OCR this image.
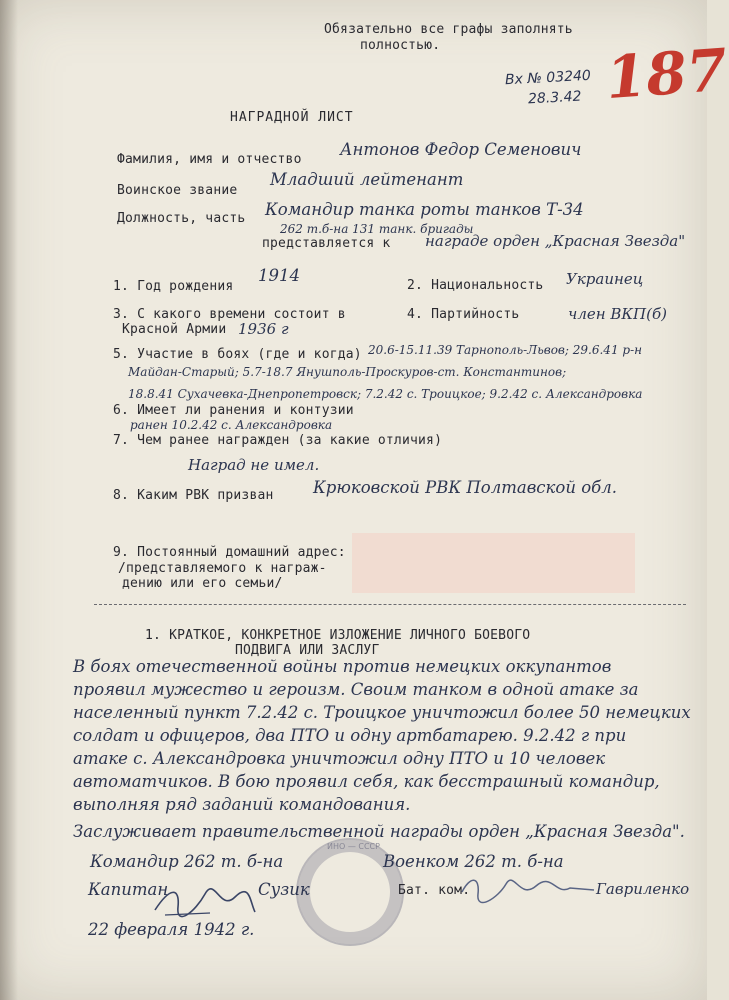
Обязательно все графы заполнять
полностью.
Вх № 03240
28.3.42 187
НАГРАДНОЙ ЛИСТ
Фамилия, имя и отчество
Антонов Федор Семенович
Воинское звание
Младший лейтенант
Должность, часть Командир танка роты танков Т-34
262 т.б-на 131 танк. бригады
представляется к награде орден „Красная Звезда"
1. Год рождения
1914
2. Национальность Украинец
3. С какого времени состоит в
Красной Армии 1936 г
4. Партийность	член ВКП(б)
5. Участие в боях (где и когда) 20.6-15.11.39 Тарнополь-Львов; 29.6.41 р-н
Майдан-Старый; 5.7-18.7 Янушполь-Проскуров-ст. Константинов;
18.8.41 Сухачевка-Днепропетровск; 7.2.42 с. Троицкое; 9.2.42 с. Александровка
6. Имеет ли ранения и контузии
ранен 10.2.42 с. Александровка
7. Чем ранее награжден (за какие отличия)
Наград не имел.
8. Каким РВК призван Крюковской РВК Полтавской обл.
9. Постоянный домашний адрес:
/представляемого к награж-
дению или его семьи/
1. КРАТКОЕ, КОНКРЕТНОЕ ИЗЛОЖЕНИЕ ЛИЧНОГО БОЕВОГО
ПОДВИГА ИЛИ ЗАСЛУГ
В боях отечественной войны против немецких оккупантов
проявил мужество и героизм. Своим танком в одной атаке за
населенный пункт 7.2.42 с. Троицкое уничтожил более 50 немецких
солдат и офицеров, два ПТО и одну артбатарею. 9.2.42 г при
атаке с. Александровка уничтожил одну ПТО и 10 человек
автоматчиков. В бою проявил себя, как бесстрашный командир,
выполняя ряд заданий командования.
Заслуживает правительственной награды орден „Красная Звезда".
ИНО — СССР
Командир 262 т. б-на	Военком 262 т. б-на
Капитан	Сузик	Бат. ком.	Гавриленко
22 февраля 1942 г.
